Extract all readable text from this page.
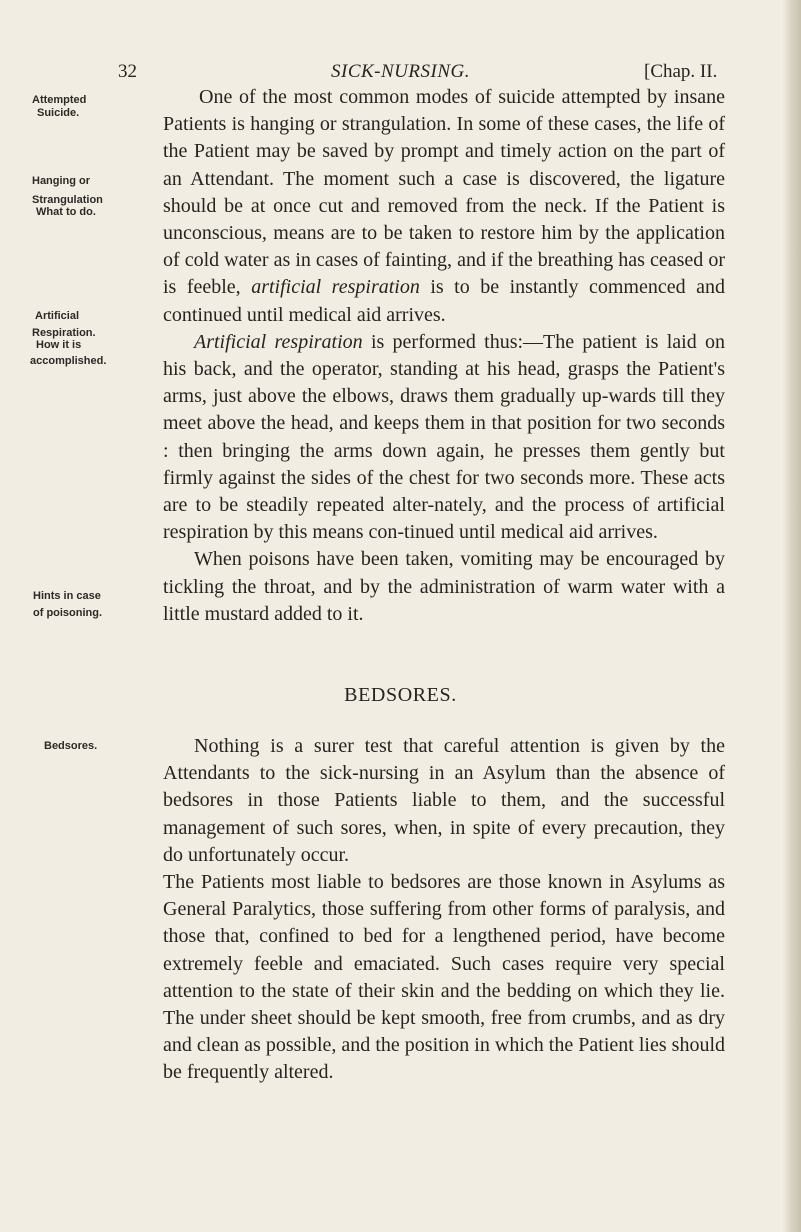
32	SICK-NURSING.	[Chap. II.
Attempted
Suicide.
Hanging or
Strangulation
What to do.
Artificial
Respiration.
How it is
accomplished.
Hints in case
of poisoning.
Bedsores.

One of the most common modes of suicide attempted by insane Patients is hanging or strangulation. In some of these cases, the life of the Patient may be saved by prompt and timely action on the part of an Attendant. The moment such a case is discovered, the ligature should be at once cut and removed from the neck. If the Patient is unconscious, means are to be taken to restore him by the application of cold water as in cases of fainting, and if the breathing has ceased or is feeble, artificial respiration is to be instantly commenced and continued until medical aid arrives.

Artificial respiration is performed thus:—The patient is laid on his back, and the operator, standing at his head, grasps the Patient's arms, just above the elbows, draws them gradually up-wards till they meet above the head, and keeps them in that position for two seconds : then bringing the arms down again, he presses them gently but firmly against the sides of the chest for two seconds more. These acts are to be steadily repeated alter-nately, and the process of artificial respiration by this means con-tinued until medical aid arrives.

When poisons have been taken, vomiting may be encouraged by tickling the throat, and by the administration of warm water with a little mustard added to it.

BEDSORES.

Nothing is a surer test that careful attention is given by the Attendants to the sick-nursing in an Asylum than the absence of bedsores in those Patients liable to them, and the successful management of such sores, when, in spite of every precaution, they do unfortunately occur.

The Patients most liable to bedsores are those known in Asylums as General Paralytics, those suffering from other forms of paralysis, and those that, confined to bed for a lengthened period, have become extremely feeble and emaciated. Such cases require very special attention to the state of their skin and the bedding on which they lie. The under sheet should be kept smooth, free from crumbs, and as dry and clean as possible, and the position in which the Patient lies should be frequently altered.
